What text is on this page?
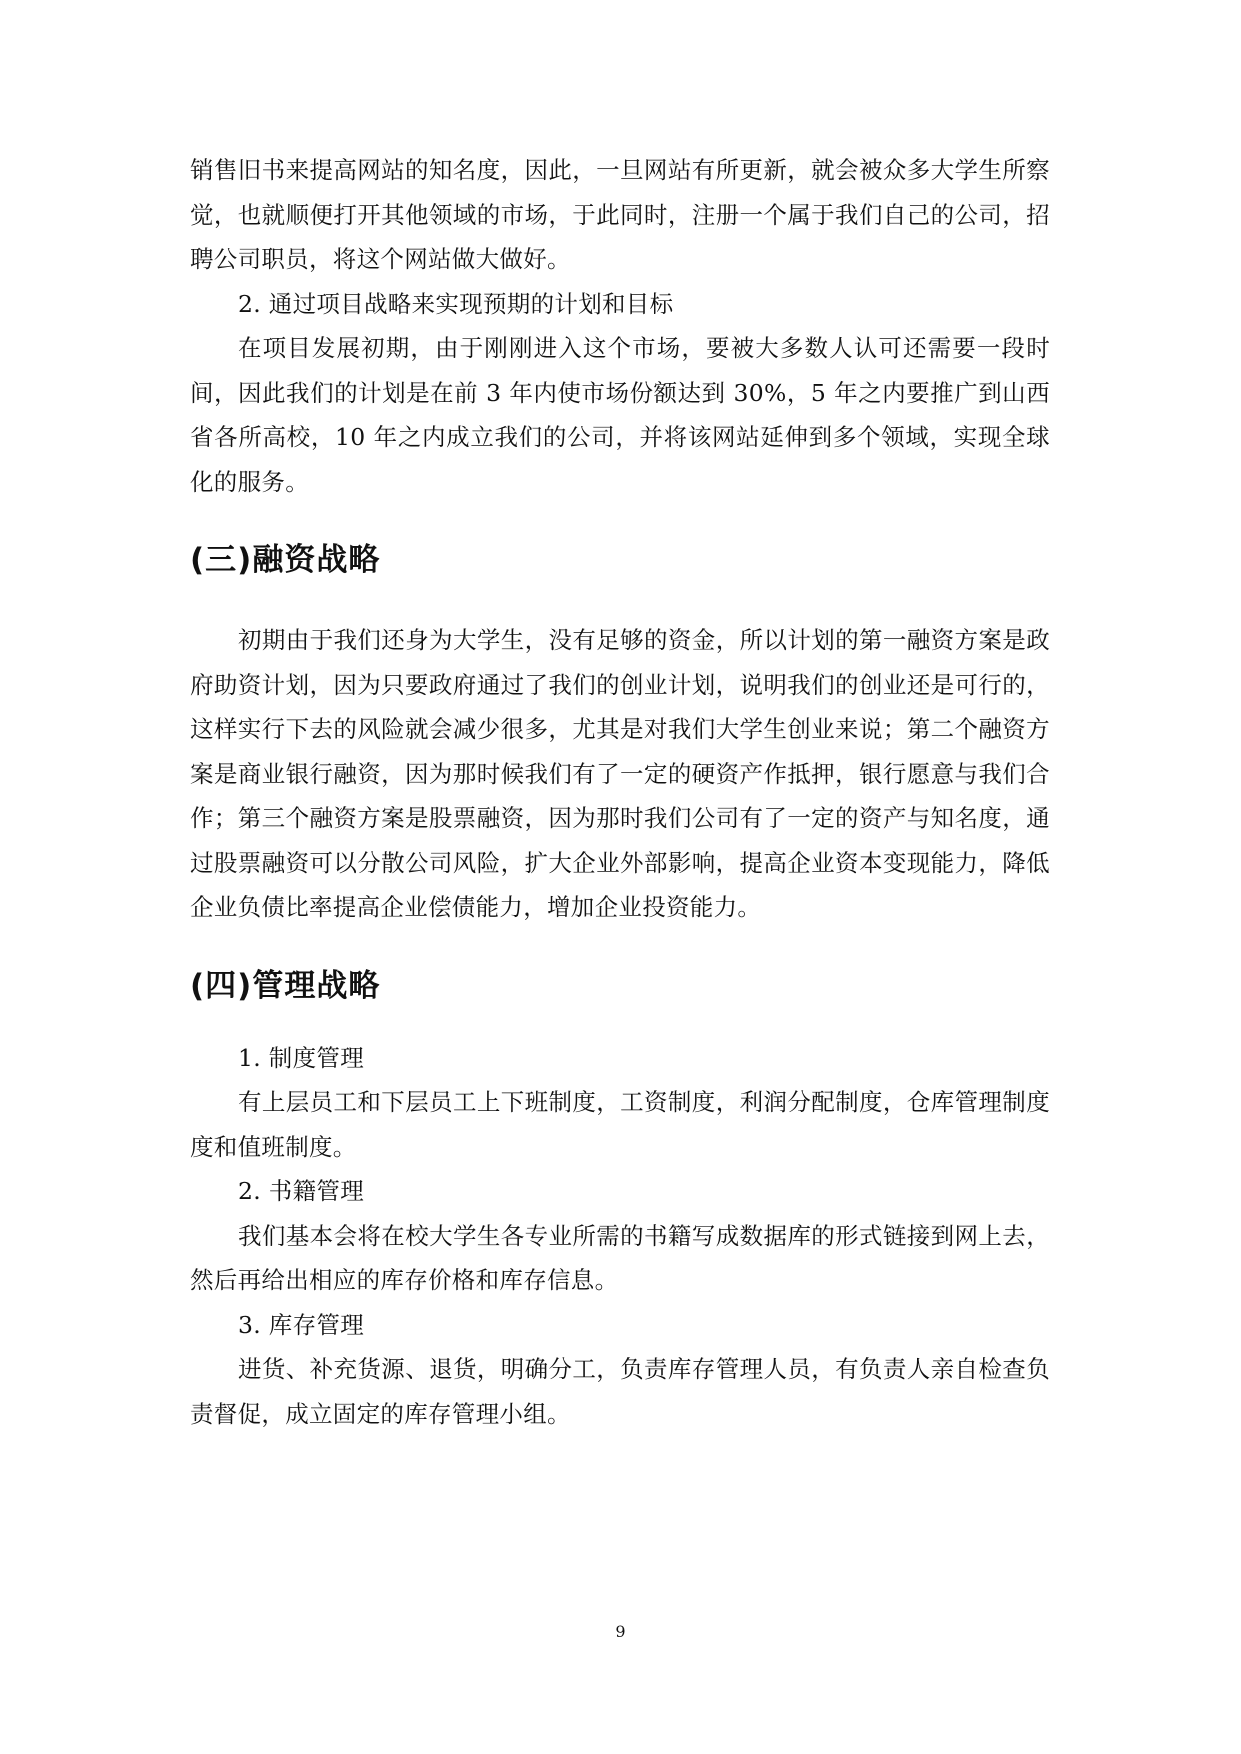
销售旧书来提高网站的知名度，因此，一旦网站有所更新，就会被众多大学生所察觉，也就顺便打开其他领域的市场，于此同时，注册一个属于我们自己的公司，招聘公司职员，将这个网站做大做好。

2. 通过项目战略来实现预期的计划和目标

在项目发展初期，由于刚刚进入这个市场，要被大多数人认可还需要一段时间，因此我们的计划是在前 3 年内使市场份额达到 30%，5 年之内要推广到山西省各所高校，10 年之内成立我们的公司，并将该网站延伸到多个领域，实现全球化的服务。

(三)融资战略

初期由于我们还身为大学生，没有足够的资金，所以计划的第一融资方案是政府助资计划，因为只要政府通过了我们的创业计划，说明我们的创业还是可行的，这样实行下去的风险就会减少很多，尤其是对我们大学生创业来说；第二个融资方案是商业银行融资，因为那时候我们有了一定的硬资产作抵押，银行愿意与我们合作；第三个融资方案是股票融资，因为那时我们公司有了一定的资产与知名度，通过股票融资可以分散公司风险，扩大企业外部影响，提高企业资本变现能力，降低企业负债比率提高企业偿债能力，增加企业投资能力。

(四)管理战略

1. 制度管理

有上层员工和下层员工上下班制度，工资制度，利润分配制度，仓库管理制度度和值班制度。

2. 书籍管理

我们基本会将在校大学生各专业所需的书籍写成数据库的形式链接到网上去，然后再给出相应的库存价格和库存信息。

3. 库存管理

进货、补充货源、退货，明确分工，负责库存管理人员，有负责人亲自检查负责督促，成立固定的库存管理小组。

9
